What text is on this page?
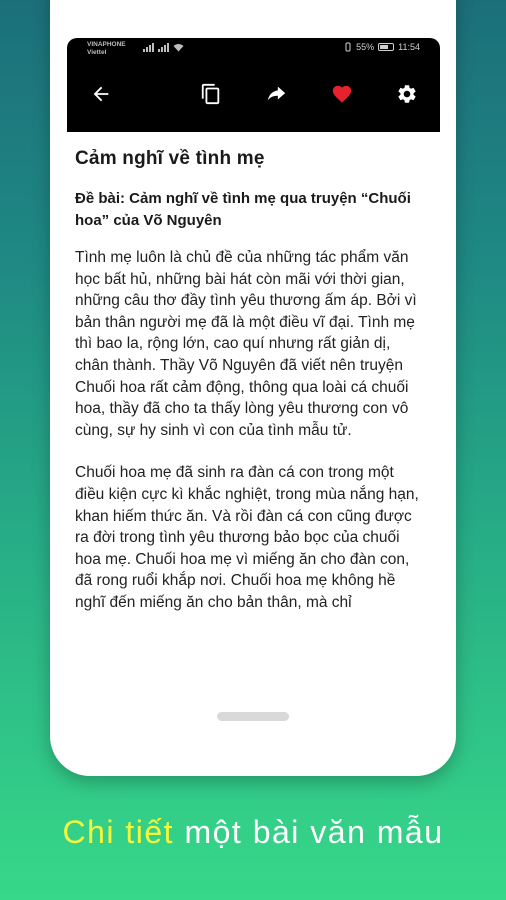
VINAPHONE
Viettel
55%	11:54
Cảm nghĩ về tình mẹ

Đề bài: Cảm nghĩ về tình mẹ qua truyện “Chuối hoa” của Võ Nguyên

Tình mẹ luôn là chủ đề của những tác phẩm văn học bất hủ, những bài hát còn mãi với thời gian, những câu thơ đầy tình yêu thương ấm áp. Bởi vì bản thân người mẹ đã là một điều vĩ đại. Tình mẹ thì bao la, rộng lớn, cao quí nhưng rất giản dị, chân thành. Thầy Võ Nguyên đã viết nên truyện Chuối hoa rất cảm động, thông qua loài cá chuối hoa, thầy đã cho ta thấy lòng yêu thương con vô cùng, sự hy sinh vì con của tình mẫu tử.

Chuối hoa mẹ đã sinh ra đàn cá con trong một điều kiện cực kì khắc nghiệt, trong mùa nắng hạn, khan hiếm thức ăn. Và rồi đàn cá con cũng được ra đời trong tình yêu thương bảo bọc của chuối hoa mẹ. Chuối hoa mẹ vì miếng ăn cho đàn con, đã rong ruổi khắp nơi. Chuối hoa mẹ không hề nghĩ đến miếng ăn cho bản thân, mà chỉ

Chi tiết một bài văn mẫu
